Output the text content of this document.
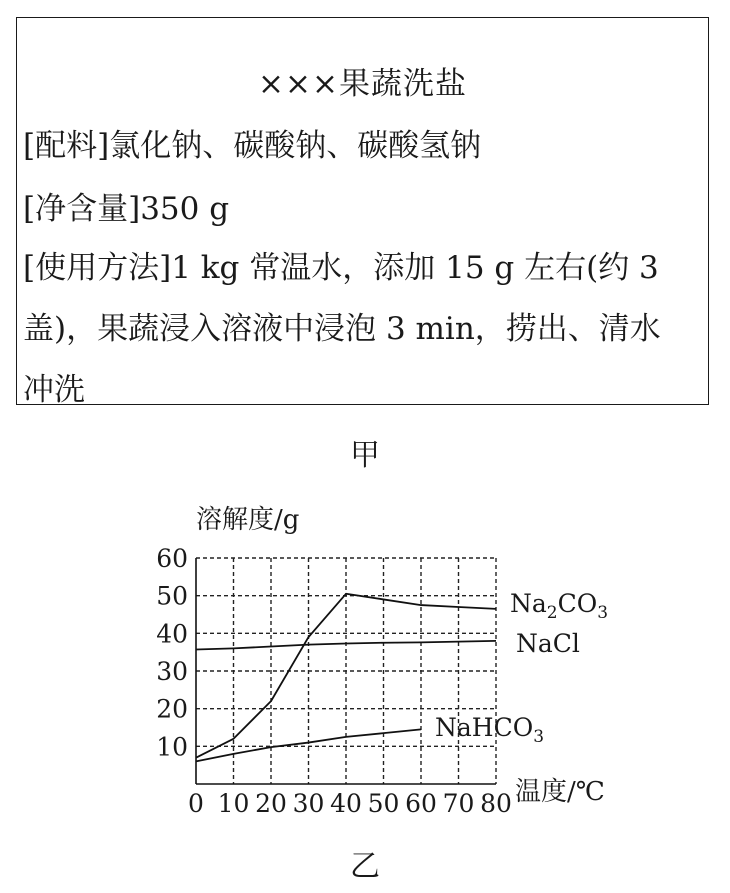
×××果蔬洗盐
[配料]氯化钠、碳酸钠、碳酸氢钠
[净含量]350 g
[使用方法]1 kg 常温水，添加 15 g 左右(约 3
盖)，果蔬浸入溶液中浸泡 3 min，捞出、清水
冲洗
甲
0 10 20 30 40 50 60 70 80
10
20
30
40
50
60
溶解度/g
温度/℃
$Na_2CO_3$
NaCl
NaHCO$_3$
乙
